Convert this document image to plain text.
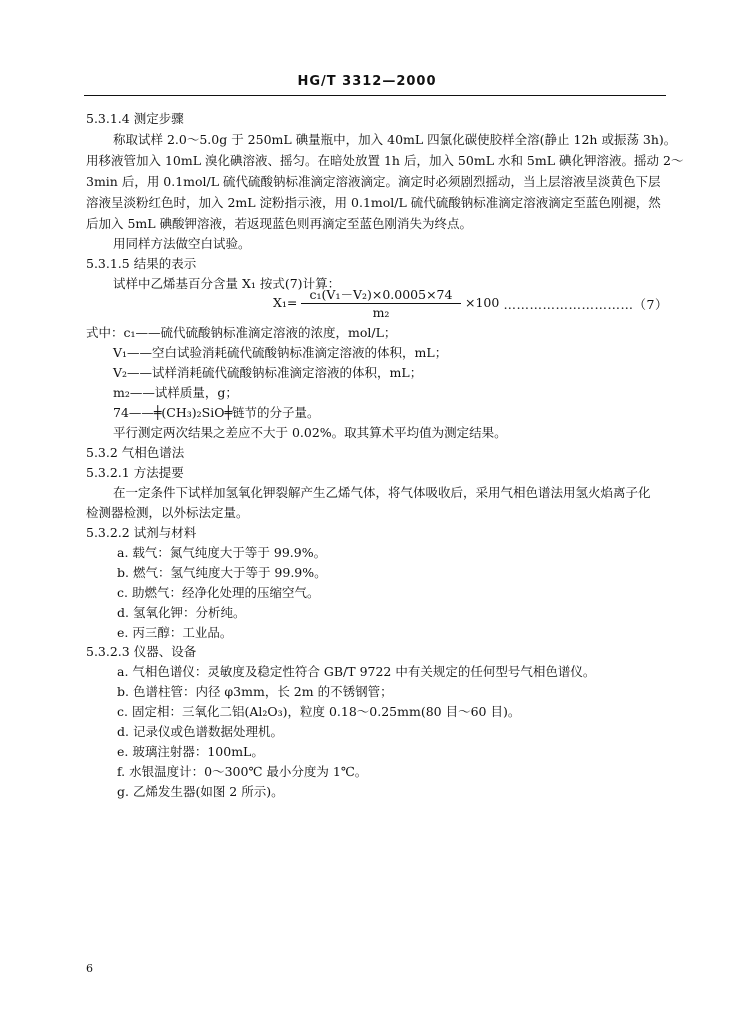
HG/T 3312—2000
5.3.1.4 测定步骤
称取试样 2.0～5.0g 于 250mL 碘量瓶中，加入 40mL 四氯化碳使胶样全溶(静止 12h 或振荡 3h)。
用移液管加入 10mL 溴化碘溶液、摇匀。在暗处放置 1h 后，加入 50mL 水和 5mL 碘化钾溶液。摇动 2～
3min 后，用 0.1mol/L 硫代硫酸钠标准滴定溶液滴定。滴定时必须剧烈摇动，当上层溶液呈淡黄色下层
溶液呈淡粉红色时，加入 2mL 淀粉指示液，用 0.1mol/L 硫代硫酸钠标准滴定溶液滴定至蓝色刚褪，然
后加入 5mL 碘酸钾溶液，若返现蓝色则再滴定至蓝色刚消失为终点。
用同样方法做空白试验。
5.3.1.5 结果的表示
试样中乙烯基百分含量 X₁ 按式(7)计算：
X₁=
c₁(V₁－V₂)×0.0005×74
m₂
×100 …………………………（7）
式中：c₁——硫代硫酸钠标准滴定溶液的浓度，mol/L；
V₁——空白试验消耗硫代硫酸钠标准滴定溶液的体积，mL；
V₂——试样消耗硫代硫酸钠标准滴定溶液的体积，mL；
m₂——试样质量，g；
74——╪(CH₃)₂SiO╪链节的分子量。
平行测定两次结果之差应不大于 0.02%。取其算术平均值为测定结果。
5.3.2 气相色谱法
5.3.2.1 方法提要
在一定条件下试样加氢氧化钾裂解产生乙烯气体，将气体吸收后，采用气相色谱法用氢火焰离子化
检测器检测，以外标法定量。
5.3.2.2 试剂与材料
a. 载气：氮气纯度大于等于 99.9%。
b. 燃气：氢气纯度大于等于 99.9%。
c. 助燃气：经净化处理的压缩空气。
d. 氢氧化钾：分析纯。
e. 丙三醇：工业品。
5.3.2.3 仪器、设备
a. 气相色谱仪：灵敏度及稳定性符合 GB/T 9722 中有关规定的任何型号气相色谱仪。
b. 色谱柱管：内径 φ3mm，长 2m 的不锈钢管；
c. 固定相：三氧化二铝(Al₂O₃)，粒度 0.18～0.25mm(80 目～60 目)。
d. 记录仪或色谱数据处理机。
e. 玻璃注射器：100mL。
f. 水银温度计：0～300℃ 最小分度为 1℃。
g. 乙烯发生器(如图 2 所示)。
6
